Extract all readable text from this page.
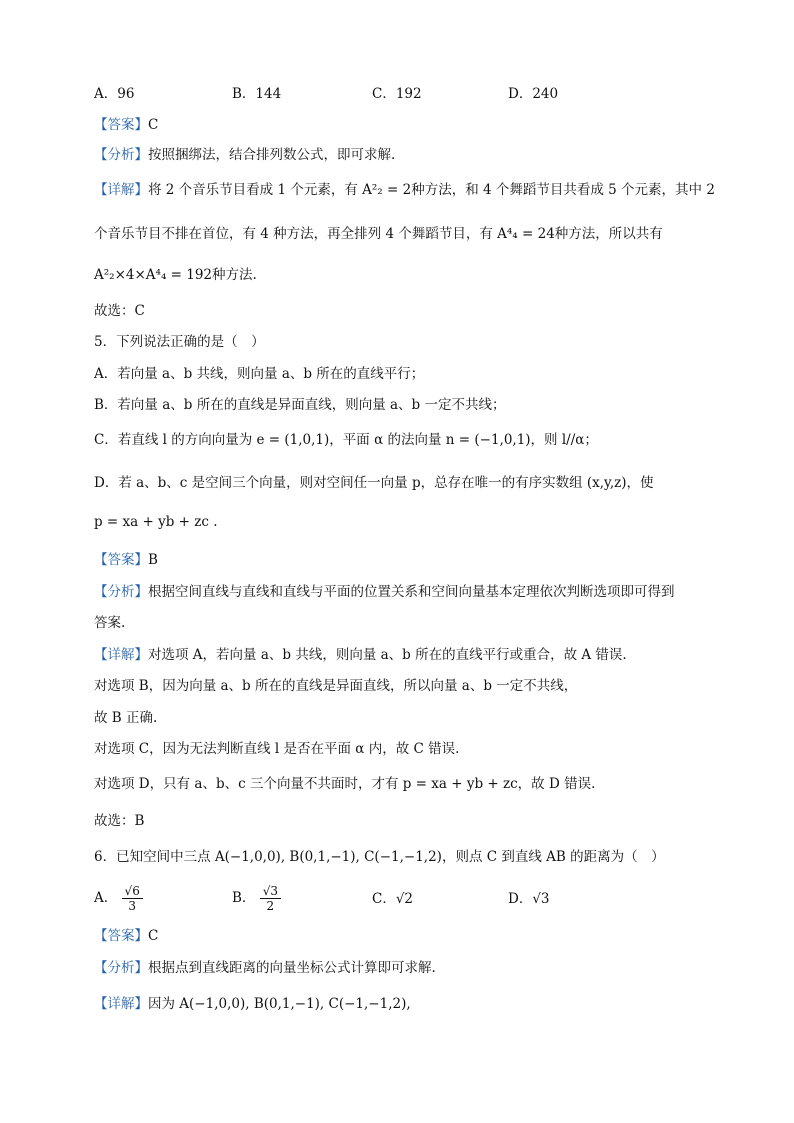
A．96	B．144	C．192	D．240
【答案】C
【分析】按照捆绑法，结合排列数公式，即可求解.
【详解】将 2 个音乐节目看成 1 个元素，有 A²₂ = 2种方法，和 4 个舞蹈节目共看成 5 个元素，其中 2
个音乐节目不排在首位，有 4 种方法，再全排列 4 个舞蹈节目，有 A⁴₄ = 24种方法，所以共有
A²₂×4×A⁴₄ = 192种方法.
故选：C
5．下列说法正确的是（　）
A．若向量 a、b 共线，则向量 a、b 所在的直线平行；
B．若向量 a、b 所在的直线是异面直线，则向量 a、b 一定不共线；
C．若直线 l 的方向向量为 e = (1,0,1)，平面 α 的法向量 n = (−1,0,1)，则 l//α；
D．若 a、b、c 是空间三个向量，则对空间任一向量 p，总存在唯一的有序实数组 (x,y,z)，使
p = xa + yb + zc .
【答案】B
【分析】根据空间直线与直线和直线与平面的位置关系和空间向量基本定理依次判断选项即可得到
答案.
【详解】对选项 A，若向量 a、b 共线，则向量 a、b 所在的直线平行或重合，故 A 错误.
对选项 B，因为向量 a、b 所在的直线是异面直线，所以向量 a、b 一定不共线，
故 B 正确.
对选项 C，因为无法判断直线 l 是否在平面 α 内，故 C 错误.
对选项 D，只有 a、b、c 三个向量不共面时，才有 p = xa + yb + zc，故 D 错误.
故选：B
6．已知空间中三点 A(−1,0,0), B(0,1,−1), C(−1,−1,2)，则点 C 到直线 AB 的距离为（　）
A． $\frac{√6}{3}$	B． $\frac{√3}{2}$	C．√2	D．√3
【答案】C
【分析】根据点到直线距离的向量坐标公式计算即可求解.
【详解】因为 A(−1,0,0), B(0,1,−1), C(−1,−1,2),
